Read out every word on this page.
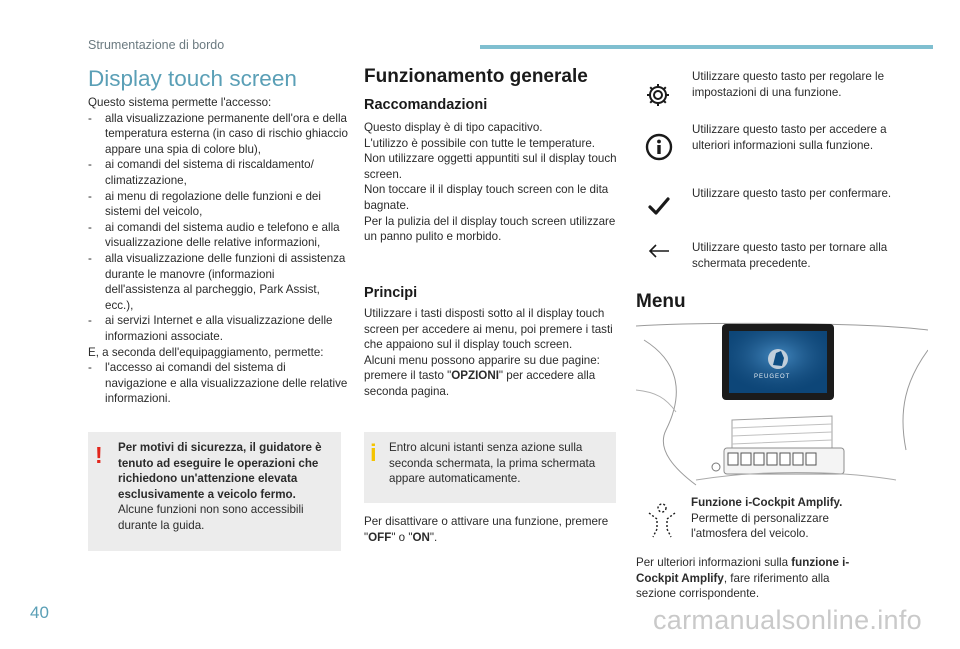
Strumentazione di bordo
Display touch screen

Questo sistema permette l'accesso:

- alla visualizzazione permanente dell'ora e della temperatura esterna (in caso di rischio ghiaccio appare una spia di colore blu),
- ai comandi del sistema di riscaldamento/ climatizzazione,
- ai menu di regolazione delle funzioni e dei sistemi del veicolo,
- ai comandi del sistema audio e telefono e alla visualizzazione delle relative informazioni,
- alla visualizzazione delle funzioni di assistenza durante le manovre (informazioni dell'assistenza al parcheggio, Park Assist, ecc.),
- ai servizi Internet e alla visualizzazione delle informazioni associate.

E, a seconda dell'equipaggiamento, permette:

- l'accesso ai comandi del sistema di navigazione e alla visualizzazione delle relative informazioni.
! Per motivi di sicurezza, il guidatore è tenuto ad eseguire le operazioni che richiedono un'attenzione elevata esclusivamente a veicolo fermo.

Alcune funzioni non sono accessibili durante la guida.

Funzionamento generale
Raccomandazioni

Questo display è di tipo capacitivo.

L'utilizzo è possibile con tutte le temperature.

Non utilizzare oggetti appuntiti sul il display touch screen.

Non toccare il il display touch screen con le dita bagnate.

Per la pulizia del il display touch screen utilizzare un panno pulito e morbido.

Principi

Utilizzare i tasti disposti sotto al il display touch screen per accedere ai menu, poi premere i tasti che appaiono sul il display touch screen.

Alcuni menu possono apparire su due pagine: premere il tasto "OPZIONI" per accedere alla seconda pagina.

i Entro alcuni istanti senza azione sulla seconda schermata, la prima schermata appare automaticamente.

Per disattivare o attivare una funzione, premere "OFF" o "ON".

Utilizzare questo tasto per regolare le impostazioni di una funzione.

Utilizzare questo tasto per accedere a ulteriori informazioni sulla funzione.

Utilizzare questo tasto per confermare.

Utilizzare questo tasto per tornare alla schermata precedente.

Menu
PEUGEOT

Funzione i-Cockpit Amplify.

Permette di personalizzare l'atmosfera del veicolo.

Per ulteriori informazioni sulla funzione i-Cockpit Amplify, fare riferimento alla sezione corrispondente.

40	carmanualsonline.info
